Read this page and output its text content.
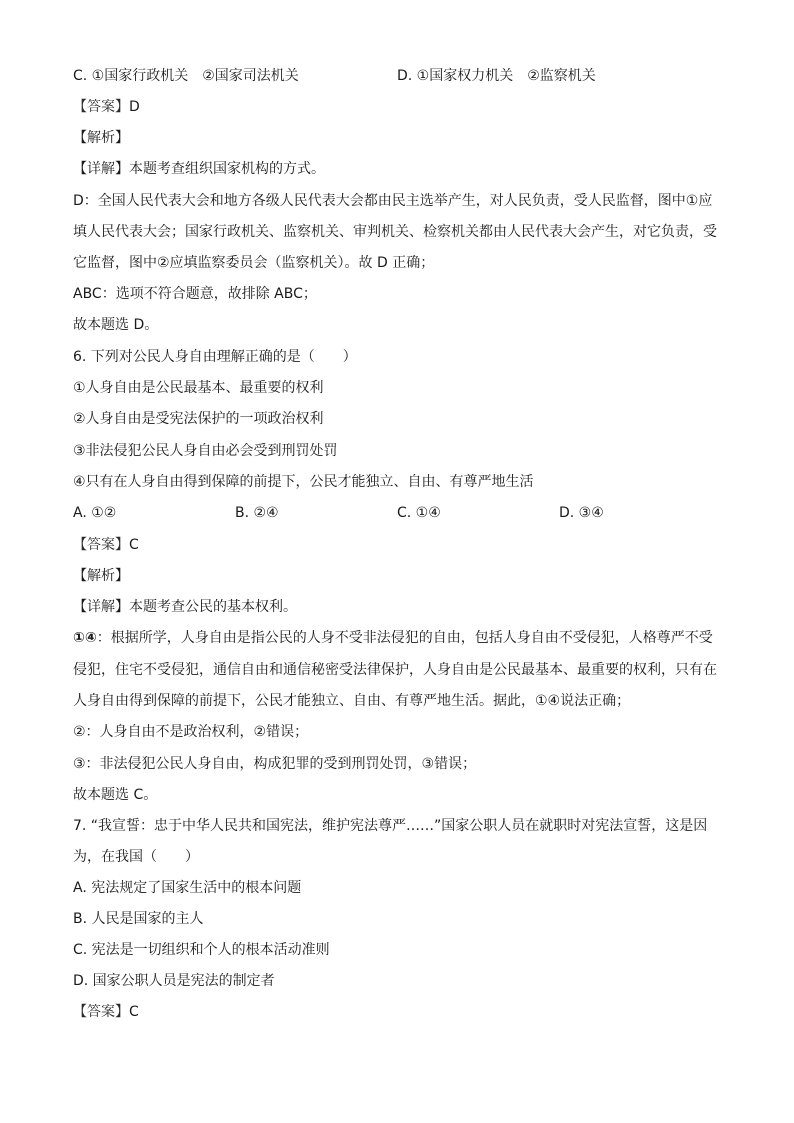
C. ①国家行政机关　②国家司法机关	D. ①国家权力机关　②监察机关
【答案】D
【解析】
【详解】本题考查组织国家机构的方式。
D：全国人民代表大会和地方各级人民代表大会都由民主选举产生，对人民负责，受人民监督，图中①应
填人民代表大会；国家行政机关、监察机关、审判机关、检察机关都由人民代表大会产生，对它负责，受
它监督，图中②应填监察委员会（监察机关）。故 D 正确；
ABC：选项不符合题意，故排除 ABC；
故本题选 D。
6. 下列对公民人身自由理解正确的是（　　）
①人身自由是公民最基本、最重要的权利
②人身自由是受宪法保护的一项政治权利
③非法侵犯公民人身自由必会受到刑罚处罚
④只有在人身自由得到保障的前提下，公民才能独立、自由、有尊严地生活
A. ①②	B. ②④	C. ①④	D. ③④
【答案】C
【解析】
【详解】本题考查公民的基本权利。
①④：根据所学，人身自由是指公民的人身不受非法侵犯的自由，包括人身自由不受侵犯，人格尊严不受
侵犯，住宅不受侵犯，通信自由和通信秘密受法律保护，人身自由是公民最基本、最重要的权利，只有在
人身自由得到保障的前提下，公民才能独立、自由、有尊严地生活。据此，①④说法正确；
②：人身自由不是政治权利，②错误；
③：非法侵犯公民人身自由，构成犯罪的受到刑罚处罚，③错误；
故本题选 C。
7. “我宣誓：忠于中华人民共和国宪法，维护宪法尊严……”国家公职人员在就职时对宪法宣誓，这是因
为，在我国（　　）
A. 宪法规定了国家生活中的根本问题
B. 人民是国家的主人
C. 宪法是一切组织和个人的根本活动准则
D. 国家公职人员是宪法的制定者
【答案】C
